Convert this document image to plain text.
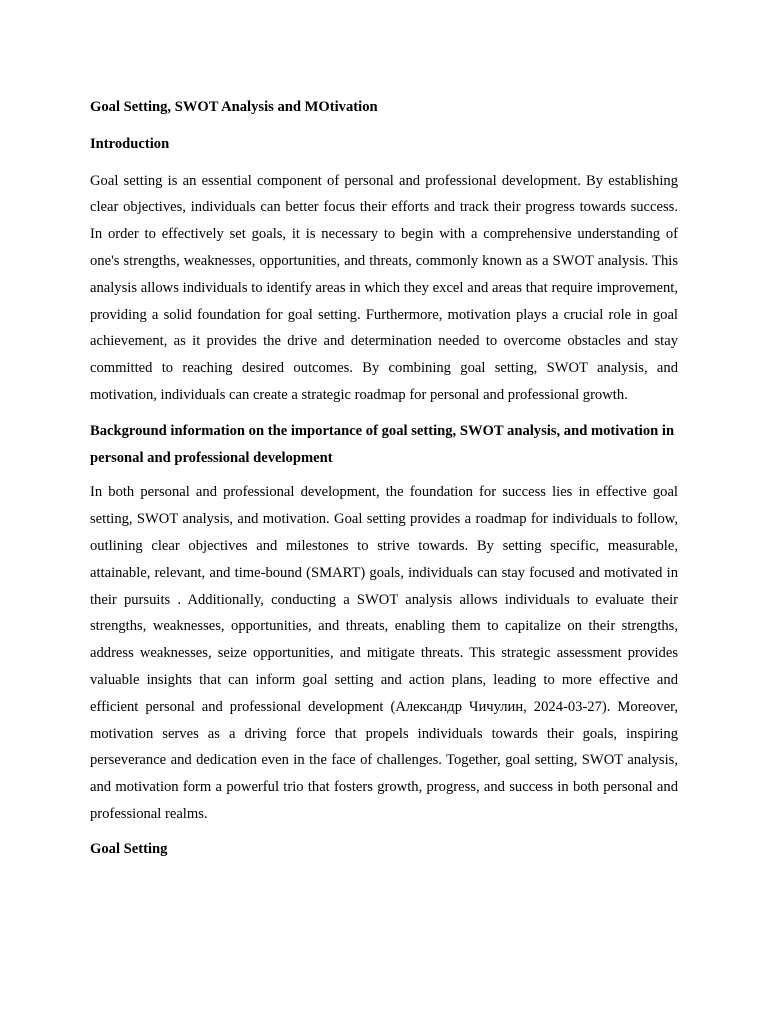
Goal Setting, SWOT Analysis and MOtivation

Introduction

Goal setting is an essential component of personal and professional development. By establishing clear objectives, individuals can better focus their efforts and track their progress towards success. In order to effectively set goals, it is necessary to begin with a comprehensive understanding of one's strengths, weaknesses, opportunities, and threats, commonly known as a SWOT analysis. This analysis allows individuals to identify areas in which they excel and areas that require improvement, providing a solid foundation for goal setting. Furthermore, motivation plays a crucial role in goal achievement, as it provides the drive and determination needed to overcome obstacles and stay committed to reaching desired outcomes. By combining goal setting, SWOT analysis, and motivation, individuals can create a strategic roadmap for personal and professional growth.

Background information on the importance of goal setting, SWOT analysis, and motivation in personal and professional development

In both personal and professional development, the foundation for success lies in effective goal setting, SWOT analysis, and motivation. Goal setting provides a roadmap for individuals to follow, outlining clear objectives and milestones to strive towards. By setting specific, measurable, attainable, relevant, and time-bound (SMART) goals, individuals can stay focused and motivated in their pursuits . Additionally, conducting a SWOT analysis allows individuals to evaluate their strengths, weaknesses, opportunities, and threats, enabling them to capitalize on their strengths, address weaknesses, seize opportunities, and mitigate threats. This strategic assessment provides valuable insights that can inform goal setting and action plans, leading to more effective and efficient personal and professional development (Александр Чичулин, 2024-03-27). Moreover, motivation serves as a driving force that propels individuals towards their goals, inspiring perseverance and dedication even in the face of challenges. Together, goal setting, SWOT analysis, and motivation form a powerful trio that fosters growth, progress, and success in both personal and professional realms.

Goal Setting
